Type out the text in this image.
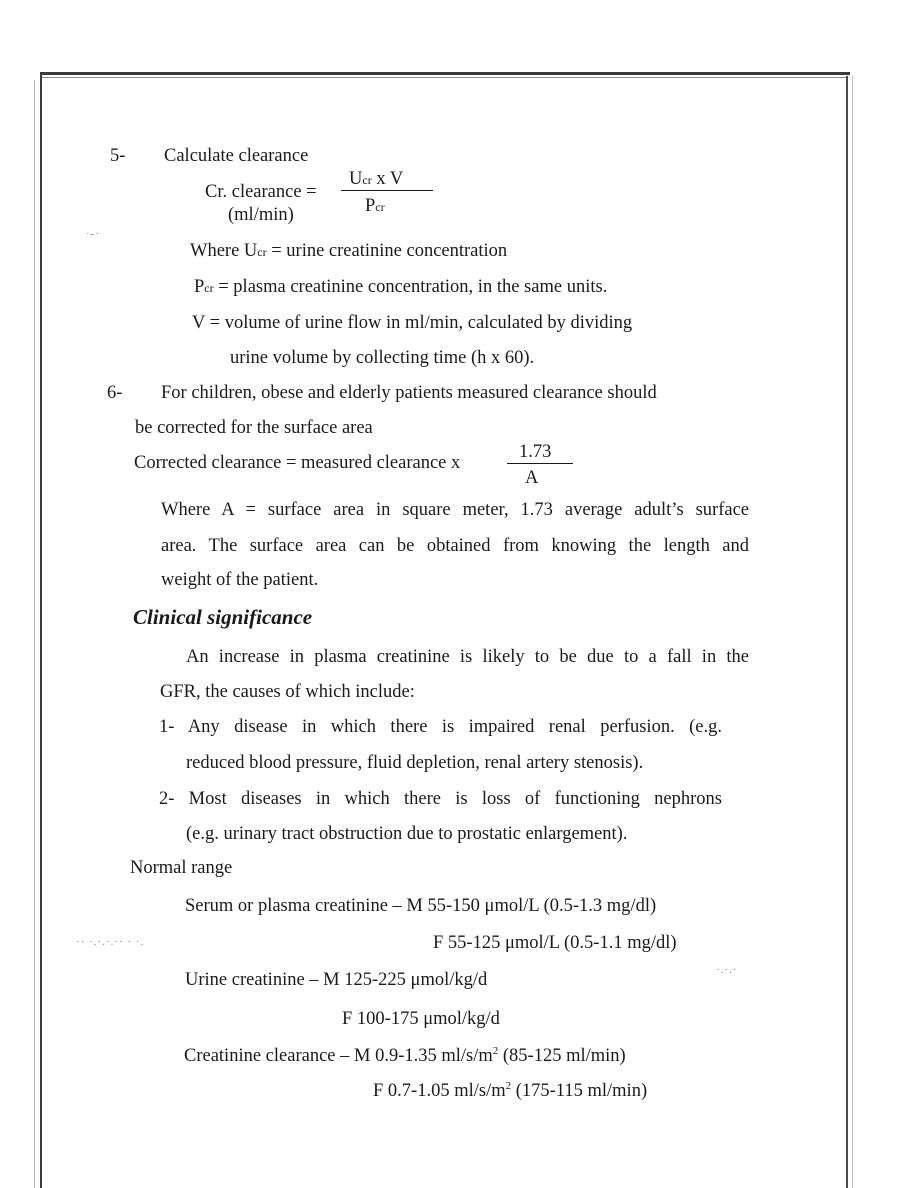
·-·
·· ·.·.·.·· · ·.
·.·.·
5- Calculate clearance
Cr. clearance =
(ml/min)
Ucr x V
Pcr
Where Ucr = urine creatinine concentration
Pcr = plasma creatinine concentration, in the same units.
V = volume of urine flow in ml/min, calculated by dividing
urine volume by collecting time (h x 60).
6- For children, obese and elderly patients measured clearance should
be corrected for the surface area
Corrected clearance = measured clearance x
1.73
A
Where A = surface area in square meter, 1.73 average adult’s surface
area. The surface area can be obtained from knowing the length and
weight of the patient.
Clinical significance
An increase in plasma creatinine is likely to be due to a fall in the
GFR, the causes of which include:
1- Any disease in which there is impaired renal perfusion. (e.g.
reduced blood pressure, fluid depletion, renal artery stenosis).
2- Most diseases in which there is loss of functioning nephrons
(e.g. urinary tract obstruction due to prostatic enlargement).
Normal range
Serum or plasma creatinine – M 55-150 μmol/L (0.5-1.3 mg/dl)
F 55-125 μmol/L (0.5-1.1 mg/dl)
Urine creatinine – M 125-225 μmol/kg/d
F 100-175 μmol/kg/d
Creatinine clearance – M 0.9-1.35 $ml/s/m^2$ (85-125 ml/min)
F 0.7-1.05 $ml/s/m^2$ (175-115 ml/min)
